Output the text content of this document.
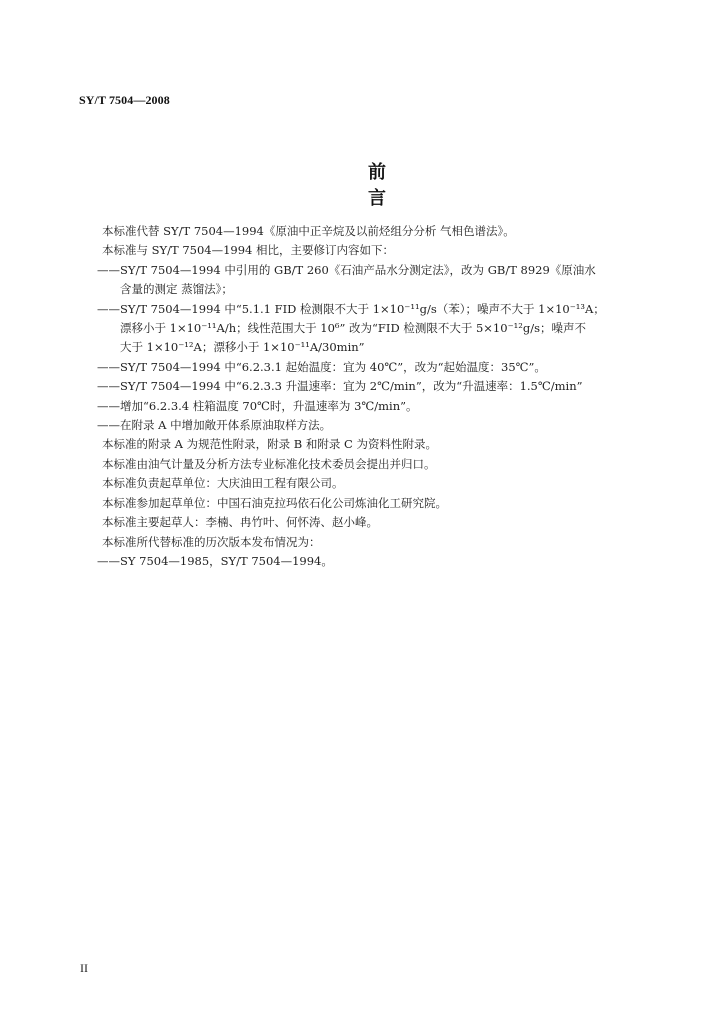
SY/T 7504—2008
前 言
本标准代替 SY/T 7504—1994《原油中正辛烷及以前烃组分分析 气相色谱法》。
本标准与 SY/T 7504—1994 相比，主要修订内容如下：
——SY/T 7504—1994 中引用的 GB/T 260《石油产品水分测定法》，改为 GB/T 8929《原油水
含量的测定 蒸馏法》；
——SY/T 7504—1994 中“5.1.1 FID 检测限不大于 1×10⁻¹¹g/s（苯）；噪声不大于 1×10⁻¹³A；
漂移小于 1×10⁻¹¹A/h；线性范围大于 10⁶” 改为“FID 检测限不大于 5×10⁻¹²g/s；噪声不
大于 1×10⁻¹²A；漂移小于 1×10⁻¹¹A/30min”
——SY/T 7504—1994 中“6.2.3.1 起始温度：宜为 40℃”，改为“起始温度：35℃”。
——SY/T 7504—1994 中“6.2.3.3 升温速率：宜为 2℃/min”，改为“升温速率：1.5℃/min”
——增加“6.2.3.4 柱箱温度 70℃时，升温速率为 3℃/min”。
——在附录 A 中增加敞开体系原油取样方法。
本标准的附录 A 为规范性附录，附录 B 和附录 C 为资料性附录。
本标准由油气计量及分析方法专业标准化技术委员会提出并归口。
本标准负责起草单位：大庆油田工程有限公司。
本标准参加起草单位：中国石油克拉玛依石化公司炼油化工研究院。
本标准主要起草人：李楠、冉竹叶、何怀涛、赵小峰。
本标准所代替标准的历次版本发布情况为：
——SY 7504—1985，SY/T 7504—1994。
II
